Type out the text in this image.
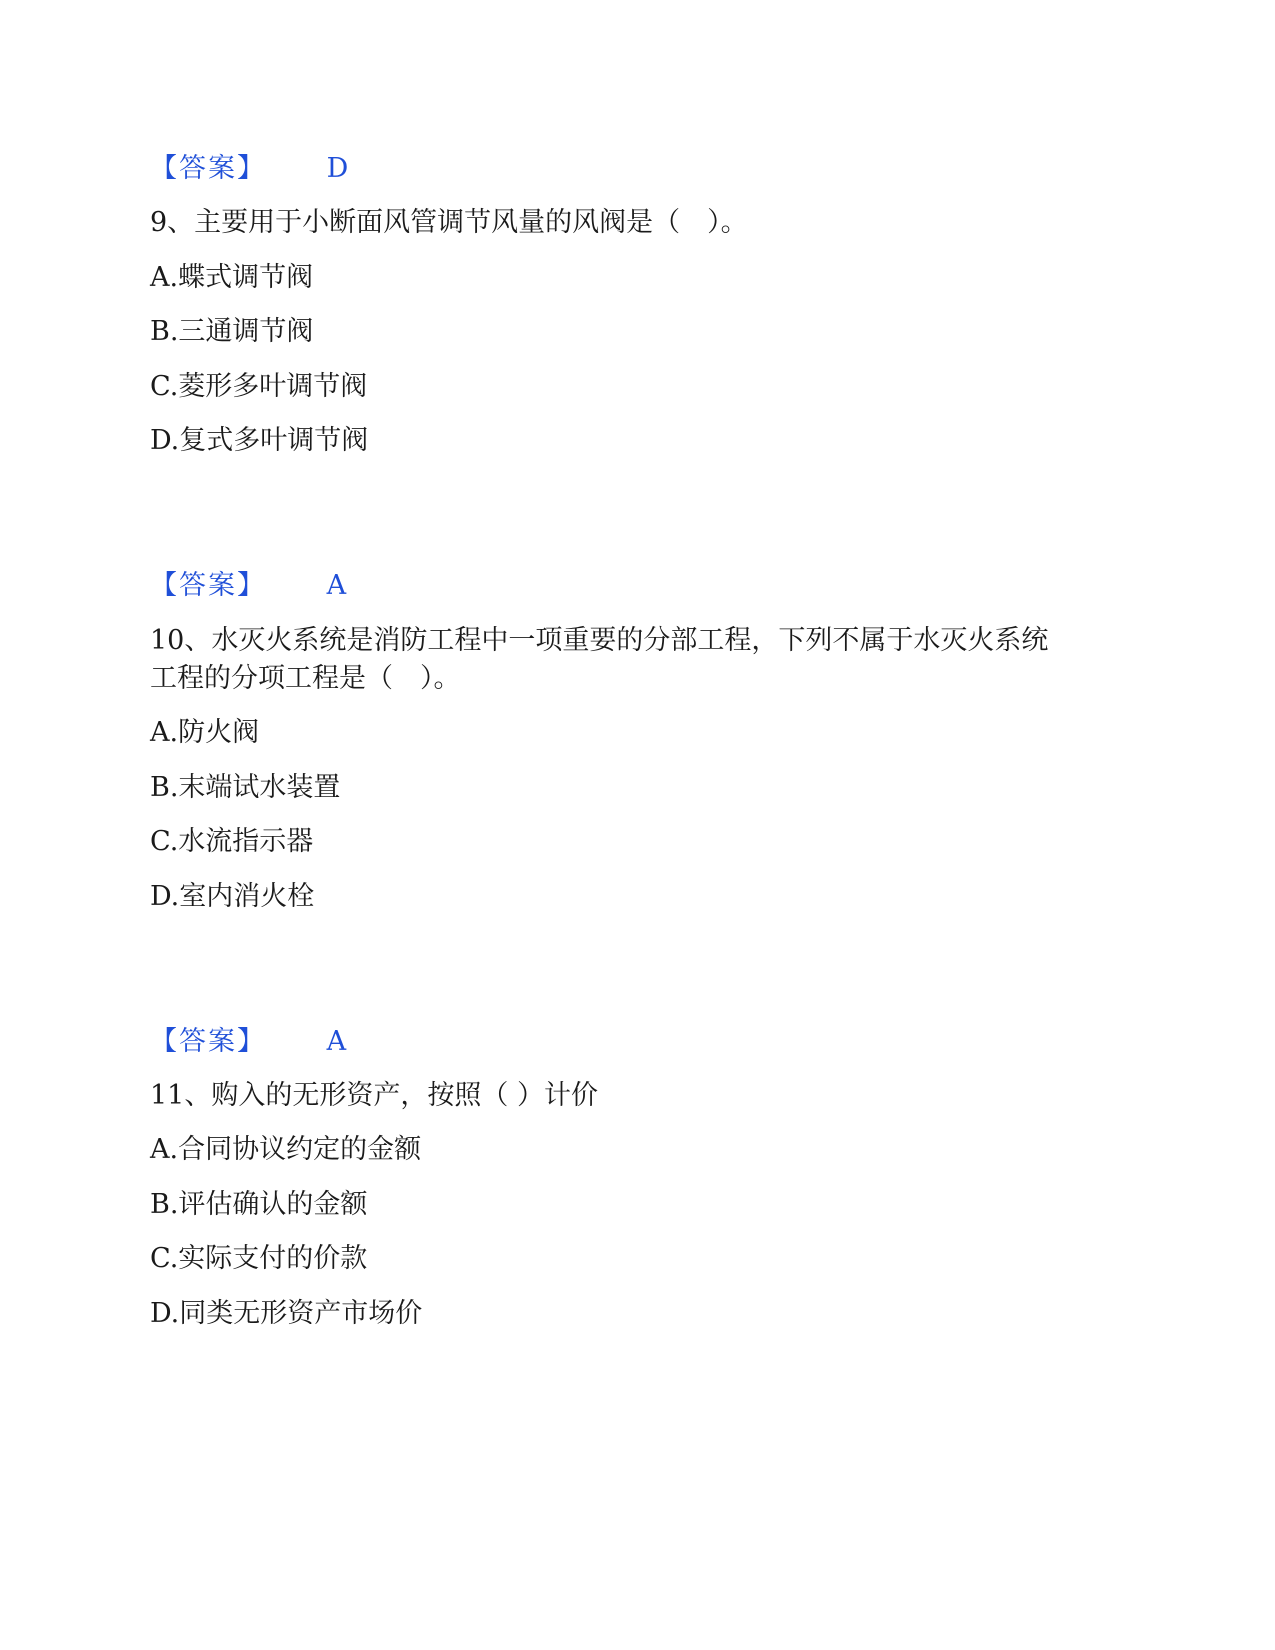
【答案】 D
9、主要用于小断面风管调节风量的风阀是（　）。
A.蝶式调节阀
B.三通调节阀
C.菱形多叶调节阀
D.复式多叶调节阀
【答案】 A
10、水灭火系统是消防工程中一项重要的分部工程，下列不属于水灭火系统
工程的分项工程是（　）。
A.防火阀
B.末端试水装置
C.水流指示器
D.室内消火栓
【答案】 A
11、购入的无形资产，按照（ ）计价
A.合同协议约定的金额
B.评估确认的金额
C.实际支付的价款
D.同类无形资产市场价
